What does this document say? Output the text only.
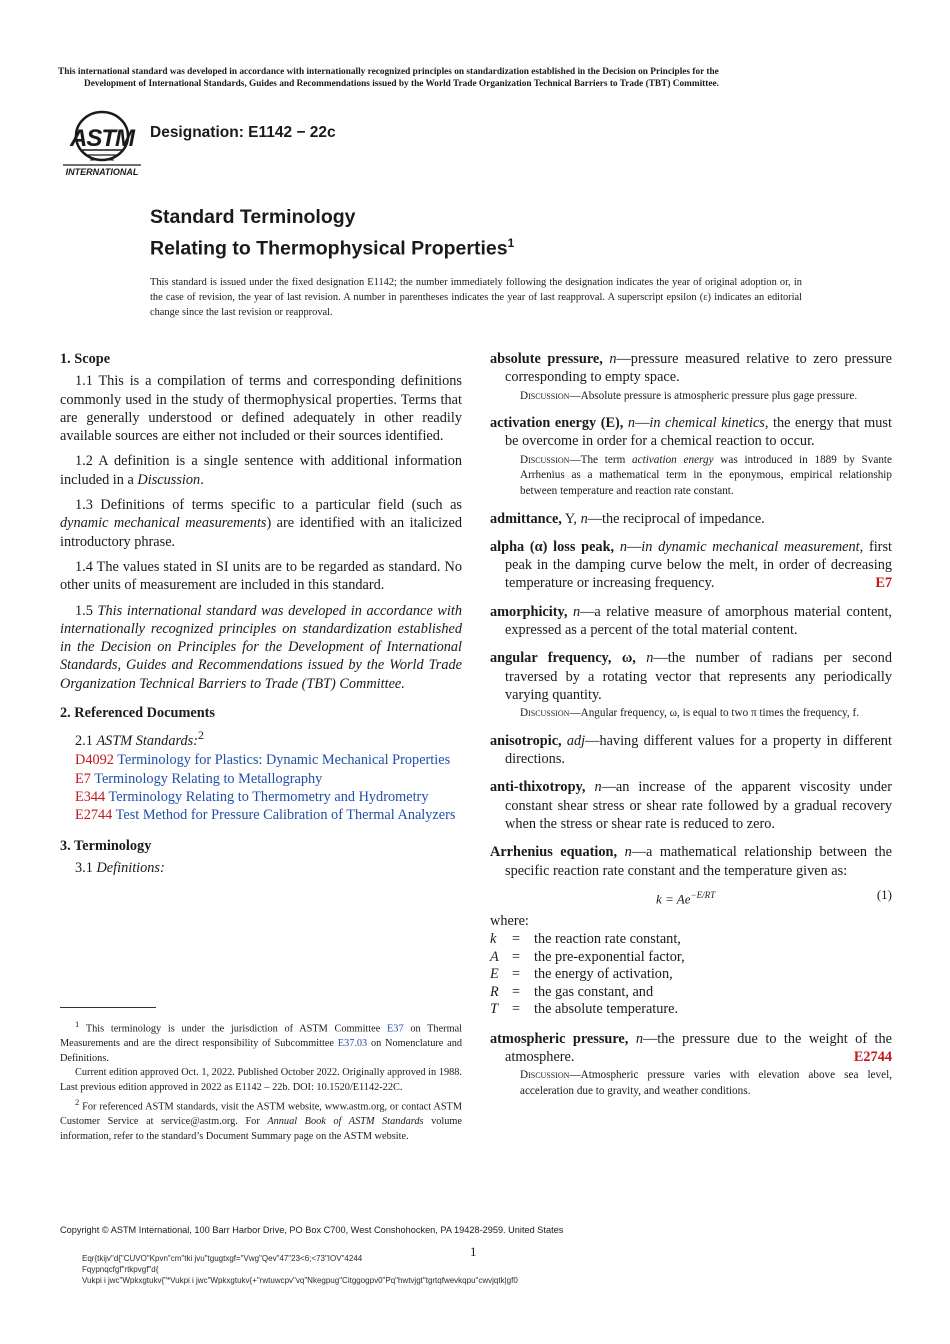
This international standard was developed in accordance with internationally recognized principles on standardization established in the Decision on Principles for the
Development of International Standards, Guides and Recommendations issued by the World Trade Organization Technical Barriers to Trade (TBT) Committee.
ASTM
INTERNATIONAL
Designation: E1142 − 22c
Standard Terminology
Relating to Thermophysical Properties$^1$
This standard is issued under the fixed designation E1142; the number immediately following the designation indicates the year of original adoption or, in the case of revision, the year of last revision. A number in parentheses indicates the year of last reapproval. A superscript epsilon (ε) indicates an editorial change since the last revision or reapproval.
1. Scope

1.1 This is a compilation of terms and corresponding definitions commonly used in the study of thermophysical properties. Terms that are generally understood or defined adequately in other readily available sources are either not included or their sources identified.

1.2 A definition is a single sentence with additional information included in a Discussion.

1.3 Definitions of terms specific to a particular field (such as dynamic mechanical measurements) are identified with an italicized introductory phrase.

1.4 The values stated in SI units are to be regarded as standard. No other units of measurement are included in this standard.

1.5 This international standard was developed in accordance with internationally recognized principles on standardization established in the Decision on Principles for the Development of International Standards, Guides and Recommendations issued by the World Trade Organization Technical Barriers to Trade (TBT) Committee.

2. Referenced Documents

2.1 ASTM Standards:$^2$

D4092 Terminology for Plastics: Dynamic Mechanical Properties
E7 Terminology Relating to Metallography
E344 Terminology Relating to Thermometry and Hydrometry
E2744 Test Method for Pressure Calibration of Thermal Analyzers
3. Terminology

3.1 Definitions:

$^1$ This terminology is under the jurisdiction of ASTM Committee E37 on Thermal Measurements and are the direct responsibility of Subcommittee E37.03 on Nomenclature and Definitions.

Current edition approved Oct. 1, 2022. Published October 2022. Originally approved in 1988. Last previous edition approved in 2022 as E1142 – 22b. DOI: 10.1520/E1142-22C.

$^2$ For referenced ASTM standards, visit the ASTM website, www.astm.org, or contact ASTM Customer Service at service@astm.org. For Annual Book of ASTM Standards volume information, refer to the standard’s Document Summary page on the ASTM website.

absolute pressure, n—pressure measured relative to zero pressure corresponding to empty space.
Discussion—Absolute pressure is atmospheric pressure plus gage pressure.
activation energy (E), n—in chemical kinetics, the energy that must be overcome in order for a chemical reaction to occur.
Discussion—The term activation energy was introduced in 1889 by Svante Arrhenius as a mathematical term in the eponymous, empirical relationship between temperature and reaction rate constant.
admittance, Y, n—the reciprocal of impedance.
alpha (α) loss peak, n—in dynamic mechanical measurement, first peak in the damping curve below the melt, in order of decreasing temperature or increasing frequency.	E7
amorphicity, n—a relative measure of amorphous material content, expressed as a percent of the total material content.
angular frequency, ω, n—the number of radians per second traversed by a rotating vector that represents any periodically varying quantity.
Discussion—Angular frequency, ω, is equal to two π times the frequency, f.
anisotropic, adj—having different values for a property in different directions.
anti-thixotropy, n—an increase of the apparent viscosity under constant shear stress or shear rate followed by a gradual recovery when the stress or shear rate is reduced to zero.
Arrhenius equation, n—a mathematical relationship between the specific reaction rate constant and the temperature given as:
$k = Ae^{-E/RT}$	(1)
where:
k	= the reaction rate constant,
A = the pre-exponential factor,
E = the energy of activation,
R = the gas constant, and
T = the absolute temperature.
atmospheric pressure, n—the pressure due to the weight of the atmosphere.	E2744
Discussion—Atmospheric pressure varies with elevation above sea level, acceleration due to gravity, and weather conditions.
Copyright © ASTM International, 100 Barr Harbor Drive, PO Box C700, West Conshohocken, PA 19428-2959. United States
1
Eqr{tkijv"d{"CUVO"Kpvn"cm"tki jvu"tgugtxgf="Vwg"Qev"47"23<6;<73"IOV"4244
Fqypnqcfgf"rtkpvgf"d{
Vukpi i jwc"Wpkxgtukv{"*Vukpi i jwc"Wpkxgtukv{+"rwtuwcpv"vq"Nkegpug"Citggogpv0"Pq"hwtvjgt"tgrtqfwevkqpu"cwvjqtk|gf0
